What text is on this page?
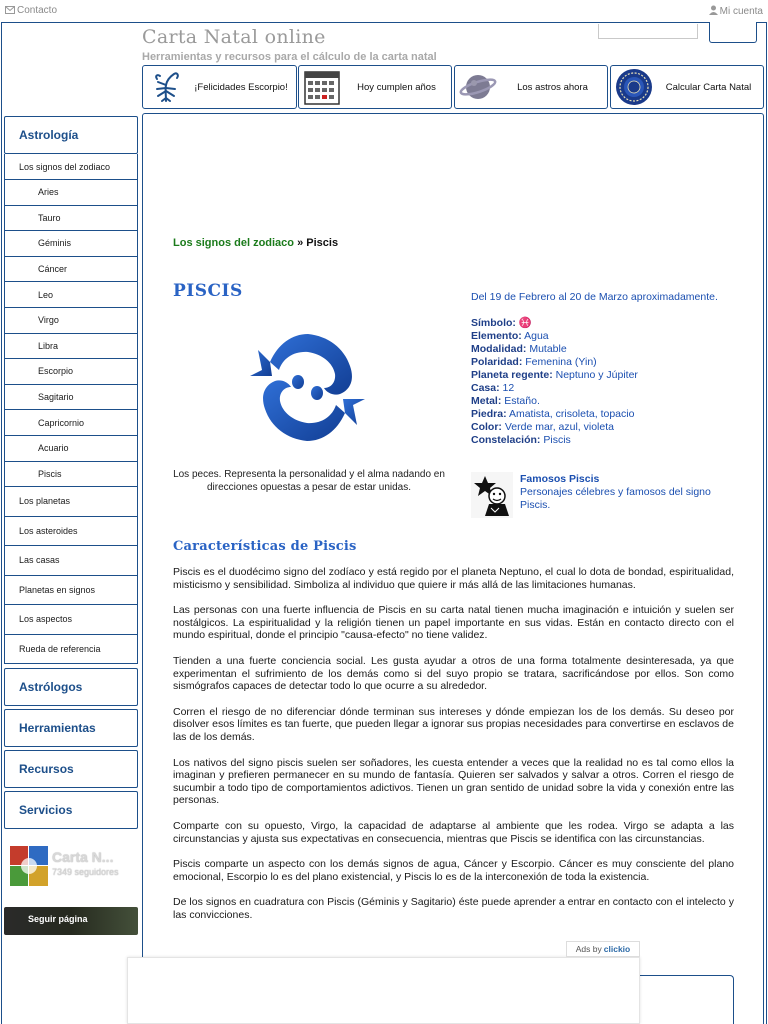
Contacto	Mi cuenta
Carta Natal online
Herramientas y recursos para el cálculo de la carta natal
¡Felicidades Escorpio!	Hoy cumplen años	Los astros ahora	Calcular Carta Natal
Astrología
Los signos del zodiaco
Aries
Tauro
Géminis
Cáncer
Leo
Virgo
Libra
Escorpio
Sagitario
Capricornio
Acuario
Piscis
Los planetas
Los asteroides
Las casas
Planetas en signos
Los aspectos
Rueda de referencia
Astrólogos
Herramientas
Recursos
Servicios
Carta N...
7349 seguidores
Seguir página
Los signos del zodiaco » Piscis
PISCIS
Los peces. Representa la personalidad y el alma nadando en direcciones opuestas a pesar de estar unidas.
Del 19 de Febrero al 20 de Marzo aproximadamente.
Símbolo: ♓
Elemento: Agua
Modalidad: Mutable
Polaridad: Femenina (Yin)
Planeta regente: Neptuno y Júpiter
Casa: 12
Metal: Estaño.
Piedra: Amatista, crisoleta, topacio
Color: Verde mar, azul, violeta
Constelación: Piscis
Famosos Piscis
Personajes célebres y famosos del signo Piscis.
Características de Piscis

Piscis es el duodécimo signo del zodíaco y está regido por el planeta Neptuno, el cual lo dota de bondad, espiritualidad, misticismo y sensibilidad. Simboliza al individuo que quiere ir más allá de las limitaciones humanas.

Las personas con una fuerte influencia de Piscis en su carta natal tienen mucha imaginación e intuición y suelen ser nostálgicos. La espiritualidad y la religión tienen un papel importante en sus vidas. Están en contacto directo con el mundo espiritual, donde el principio "causa-efecto" no tiene validez.

Tienden a una fuerte conciencia social. Les gusta ayudar a otros de una forma totalmente desinteresada, ya que experimentan el sufrimiento de los demás como si del suyo propio se tratara, sacrificándose por ellos. Son como sismógrafos capaces de detectar todo lo que ocurre a su alrededor.

Corren el riesgo de no diferenciar dónde terminan sus intereses y dónde empiezan los de los demás. Su deseo por disolver esos límites es tan fuerte, que pueden llegar a ignorar sus propias necesidades para convertirse en esclavos de las de los demás.

Los nativos del signo piscis suelen ser soñadores, les cuesta entender a veces que la realidad no es tal como ellos la imaginan y prefieren permanecer en su mundo de fantasía. Quieren ser salvados y salvar a otros. Corren el riesgo de sucumbir a todo tipo de comportamientos adictivos. Tienen un gran sentido de unidad sobre la vida y conexión entre las personas.

Comparte con su opuesto, Virgo, la capacidad de adaptarse al ambiente que les rodea. Virgo se adapta a las circunstancias y ajusta sus expectativas en consecuencia, mientras que Piscis se identifica con las circunstancias.

Piscis comparte un aspecto con los demás signos de agua, Cáncer y Escorpio. Cáncer es muy consciente del plano emocional, Escorpio lo es del plano existencial, y Piscis lo es de la interconexión de toda la existencia.

De los signos en cuadratura con Piscis (Géminis y Sagitario) éste puede aprender a entrar en contacto con el intelecto y las convicciones.

Ads by clickio
